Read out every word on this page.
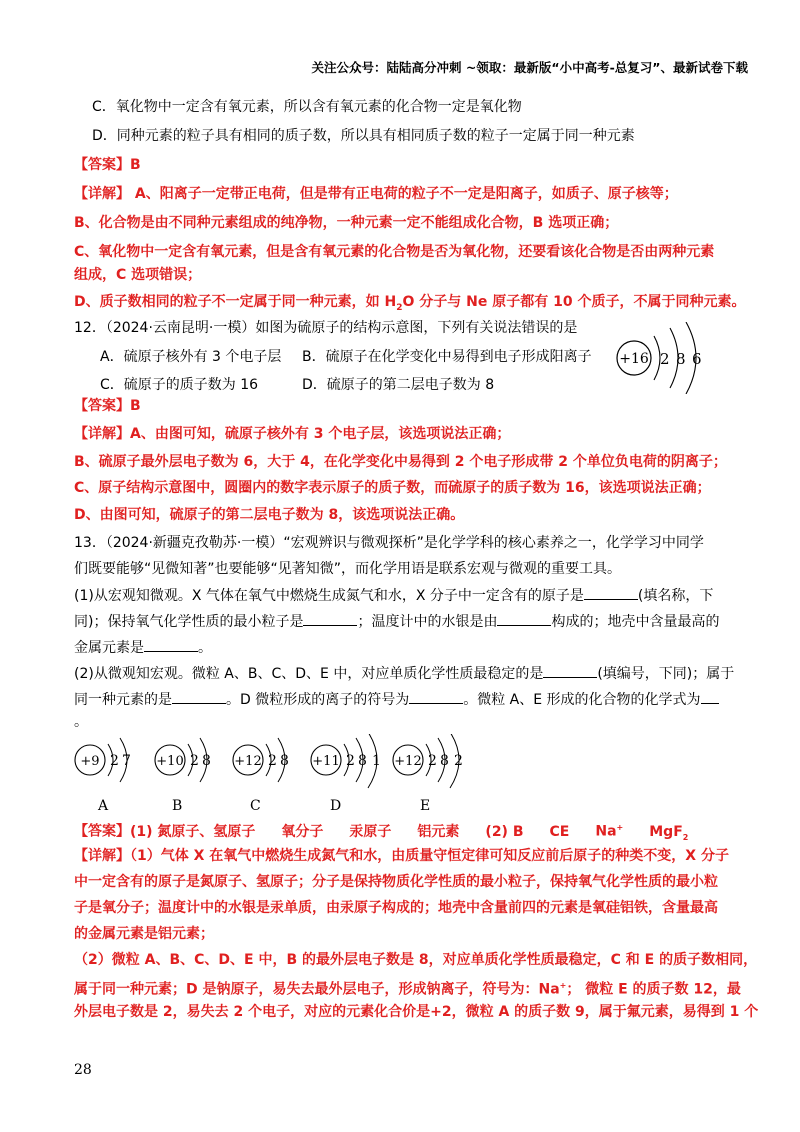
关注公众号：陆陆高分冲刺 ~领取：最新版“小中高考-总复习”、最新试卷下载
C．氧化物中一定含有氧元素，所以含有氧元素的化合物一定是氧化物
D．同种元素的粒子具有相同的质子数，所以具有相同质子数的粒子一定属于同一种元素
【答案】B
【详解】 A、阳离子一定带正电荷，但是带有正电荷的粒子不一定是阳离子，如质子、原子核等；
B、化合物是由不同种元素组成的纯净物，一种元素一定不能组成化合物，B 选项正确；
C、氧化物中一定含有氧元素，但是含有氧元素的化合物是否为氧化物，还要看该化合物是否由两种元素
组成，C 选项错误；
D、质子数相同的粒子不一定属于同一种元素，如 $H_2O$ 分子与 Ne 原子都有 10 个质子，不属于同种元素。
12．（2024·云南昆明·一模）如图为硫原子的结构示意图，下列有关说法错误的是
A．硫原子核外有 3 个电子层 B．硫原子在化学变化中易得到电子形成阳离子
C．硫原子的质子数为 16	D．硫原子的第二层电子数为 8
+16 2 8 6
【答案】B
【详解】A、由图可知，硫原子核外有 3 个电子层，该选项说法正确；
B、硫原子最外层电子数为 6，大于 4，在化学变化中易得到 2 个电子形成带 2 个单位负电荷的阴离子；
C、原子结构示意图中，圆圈内的数字表示原子的质子数，而硫原子的质子数为 16，该选项说法正确；
D、由图可知，硫原子的第二层电子数为 8，该选项说法正确。
13．（2024·新疆克孜勒苏·一模）“宏观辨识与微观探析”是化学学科的核心素养之一，化学学习中同学
们既要能够“见微知著”也要能够“见著知微”，而化学用语是联系宏观与微观的重要工具。
(1)从宏观知微观。X 气体在氧气中燃烧生成氮气和水，X 分子中一定含有的原子是	(填名称，下
同)；保持氧气化学性质的最小粒子是	；温度计中的水银是由	构成的；地壳中含量最高的
金属元素是	。
(2)从微观知宏观。微粒 A、B、C、D、E 中，对应单质化学性质最稳定的是	(填编号，下同)；属于
同一种元素的是	。D 微粒形成的离子的符号为	。微粒 A、E 形成的化合物的化学式为
。
+9 2 7
A
+10 2 8
B
+12 2 8
C
+11 2 8 1
D
+12 2 8 2
E
【答案】(1) 氮原子、氢原子 氧分子 汞原子 铝元素 (2) B CE Na+ MgF$_2$
【详解】（1）气体 X 在氧气中燃烧生成氮气和水，由质量守恒定律可知反应前后原子的种类不变，X 分子
中一定含有的原子是氮原子、氢原子；分子是保持物质化学性质的最小粒子，保持氧气化学性质的最小粒
子是氧分子；温度计中的水银是汞单质，由汞原子构成的；地壳中含量前四的元素是氧硅铝铁，含量最高
的金属元素是铝元素；
（2）微粒 A、B、C、D、E 中，B 的最外层电子数是 8，对应单质化学性质最稳定，C 和 E 的质子数相同，
属于同一种元素；D 是钠原子，易失去最外层电子，形成钠离子，符号为：Na+； 微粒 E 的质子数 12，最
外层电子数是 2，易失去 2 个电子，对应的元素化合价是+2，微粒 A 的质子数 9，属于氟元素，易得到 1 个
28
